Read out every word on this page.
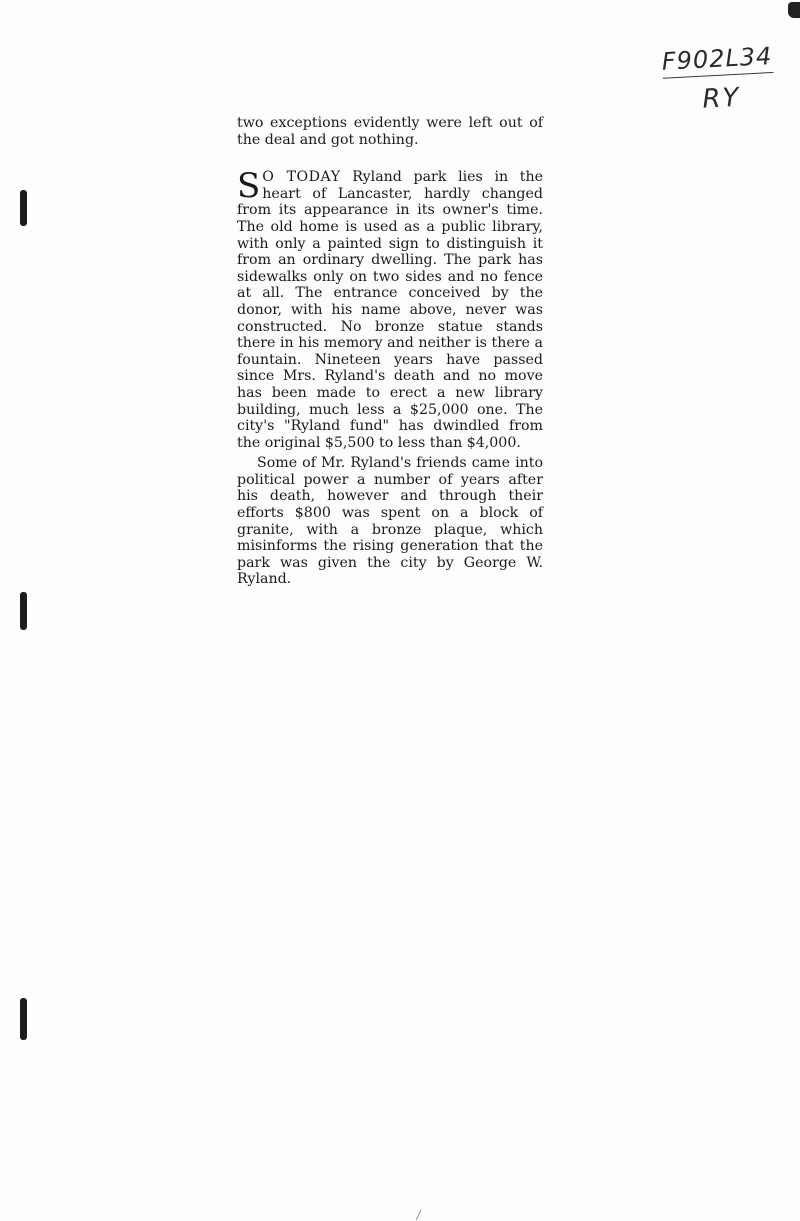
F902L34
RY

two exceptions evidently were left out of the deal and got nothing.

S O TODAY Ryland park lies in the heart of Lancaster, hardly changed from its appearance in its owner's time. The old home is used as a public library, with only a painted sign to distinguish it from an ordinary dwelling. The park has sidewalks only on two sides and no fence at all. The entrance conceived by the donor, with his name above, never was constructed. No bronze statue stands there in his memory and neither is there a fountain. Nineteen years have passed since Mrs. Ryland's death and no move has been made to erect a new library building, much less a $25,000 one. The city's "Ryland fund" has dwindled from the original $5,500 to less than $4,000.

Some of Mr. Ryland's friends came into political power a number of years after his death, however and through their efforts $800 was spent on a block of granite, with a bronze plaque, which misinforms the rising generation that the park was given the city by George W. Ryland.
